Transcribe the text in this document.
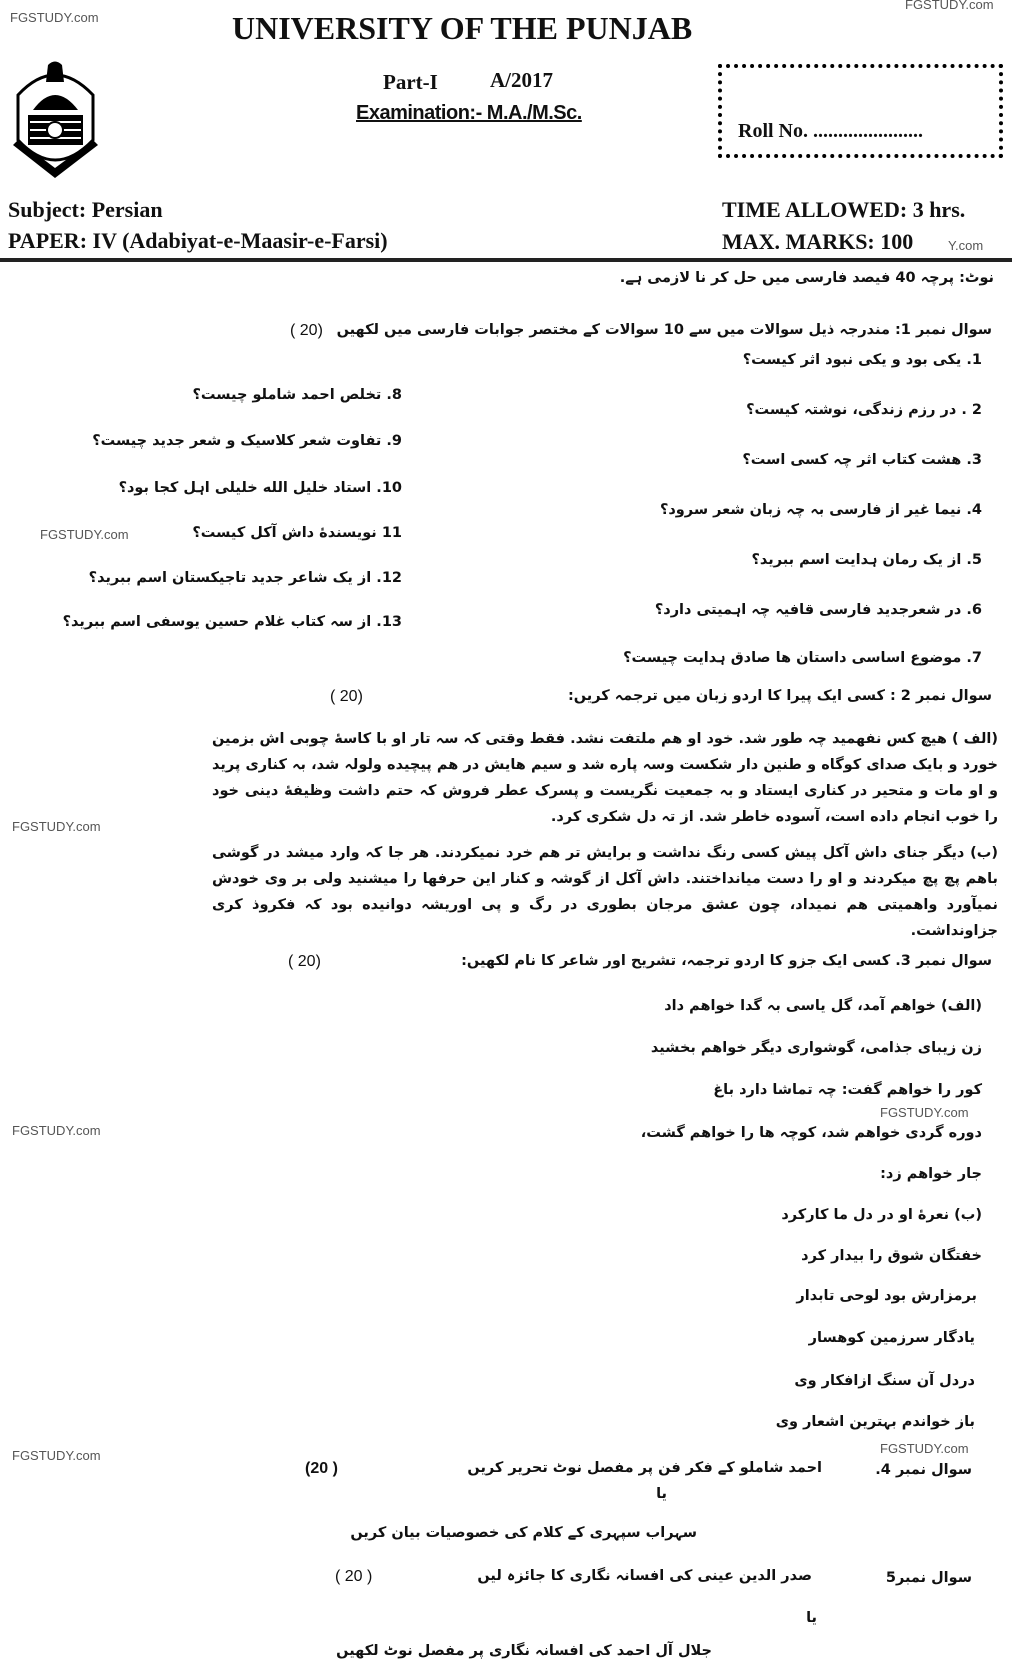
FGSTUDY.com
FGSTUDY.com
FGSTUDY.com
FGSTUDY.com
FGSTUDY.com
FGSTUDY.com
FGSTUDY.com	FGSTUDY.com
Y.com
UNIVERSITY OF THE PUNJAB
Part-I A/2017
Examination:- M.A./M.Sc.
Roll No. ......................
Subject: Persian
PAPER: IV (Adabiyat-e-Maasir-e-Farsi)
TIME ALLOWED: 3 hrs.
MAX. MARKS: 100
نوٹ: پرچہ 40 فیصد فارسی میں حل کر نا لازمی ہے.
سوال نمبر 1: مندرجہ ذیل سوالات میں سے 10 سوالات کے مختصر جوابات فارسی میں لکھیں
( 20)
1. یکی بود و یکی نبود اثر کیست؟
2 . در رزم زندگی، نوشتہ کیست؟
3. هشت کتاب اثر چہ کسی است؟
4. نیما غیر از فارسی بہ چہ زبان شعر سرود؟
5. از یک رمان ہدایت اسم ببرید؟
6. در شعرجدید فارسی قافیہ چہ اہمیتی دارد؟
7. موضوع اساسی داستان ها صادق ہدایت چیست؟
8. تخلص احمد شاملو چیست؟
9. تفاوت شعر کلاسیک و شعر جدید چیست؟
10. استاد خلیل الله خلیلی اہل کجا بود؟
11 نویسندهٔ داش آکل کیست؟
12. از یک شاعر جدید تاجیکستان اسم ببرید؟
13. از سہ کتاب غلام حسین یوسفی اسم ببرید؟
سوال نمبر 2 : کسی ایک پیرا کا اردو زبان میں ترجمہ کریں:
( 20)

(الف ) هیچ کس نفهمید چہ طور شد. خود او هم ملتفت نشد. فقط وقتی کہ سہ تار او با کاسهٔ چوبی اش بزمین خورد و بایک صدای کوگاه و طنین دار شکست وسہ پاره شد و سیم هایش در هم پیچیده ولولہ شد، بہ کناری پرید و او مات و متحیر در کناری ایستاد و بہ جمعیت نگریست و پسرک عطر فروش کہ حتم داشت وظیفهٔ دینی خود را خوب انجام داده است، آسوده خاطر شد. از تہ دل شکری کرد.

(ب) دیگر جنای داش آکل پیش کسی رنگ نداشت و برایش تر هم خرد نمیکردند. هر جا کہ وارد میشد در گوشی باهم پچ پچ میکردند و او را دست میانداختند. داش آکل از گوشہ و کنار این حرفها را میشنید ولی بر وی خودش نمیآورد واهمیتی هم نمیداد، چون عشق مرجان بطوری در رگ و پی اوریشہ دوانیده بود کہ فکروذ کری جزاونداشت.

سوال نمبر 3. کسی ایک جزو کا اردو ترجمہ، تشریح اور شاعر کا نام لکھیں:
( 20)
(الف) خواهم آمد، گل یاسی بہ گدا خواهم داد
زن زیبای جذامی، گوشواری دیگر خواهم بخشید
کور را خواهم گفت: چہ تماشا دارد باغ
دوره گردی خواهم شد، کوچہ ها را خواهم گشت،
جار خواهم زد:
(ب) نعرهٔ او در دل ما کارکرد
خفتگان شوق را بیدار کرد
برمزارش بود لوحی تابدار
یادگار سرزمین کوهسار
دردل آن سنگ ازافکار وی
باز خواندم بہترین اشعار وی
سوال نمبر 4.
احمد شاملو کے فکر فن پر مفصل نوٹ تحریر کریں
(20 )
یا
سہراب سپہری کے کلام کی خصوصیات بیان کریں
سوال نمبر5
صدر الدین عینی کی افسانہ نگاری کا جائزہ لیں
( 20 )
یا
جلال آل احمد کی افسانہ نگاری پر مفصل نوٹ لکھیں
